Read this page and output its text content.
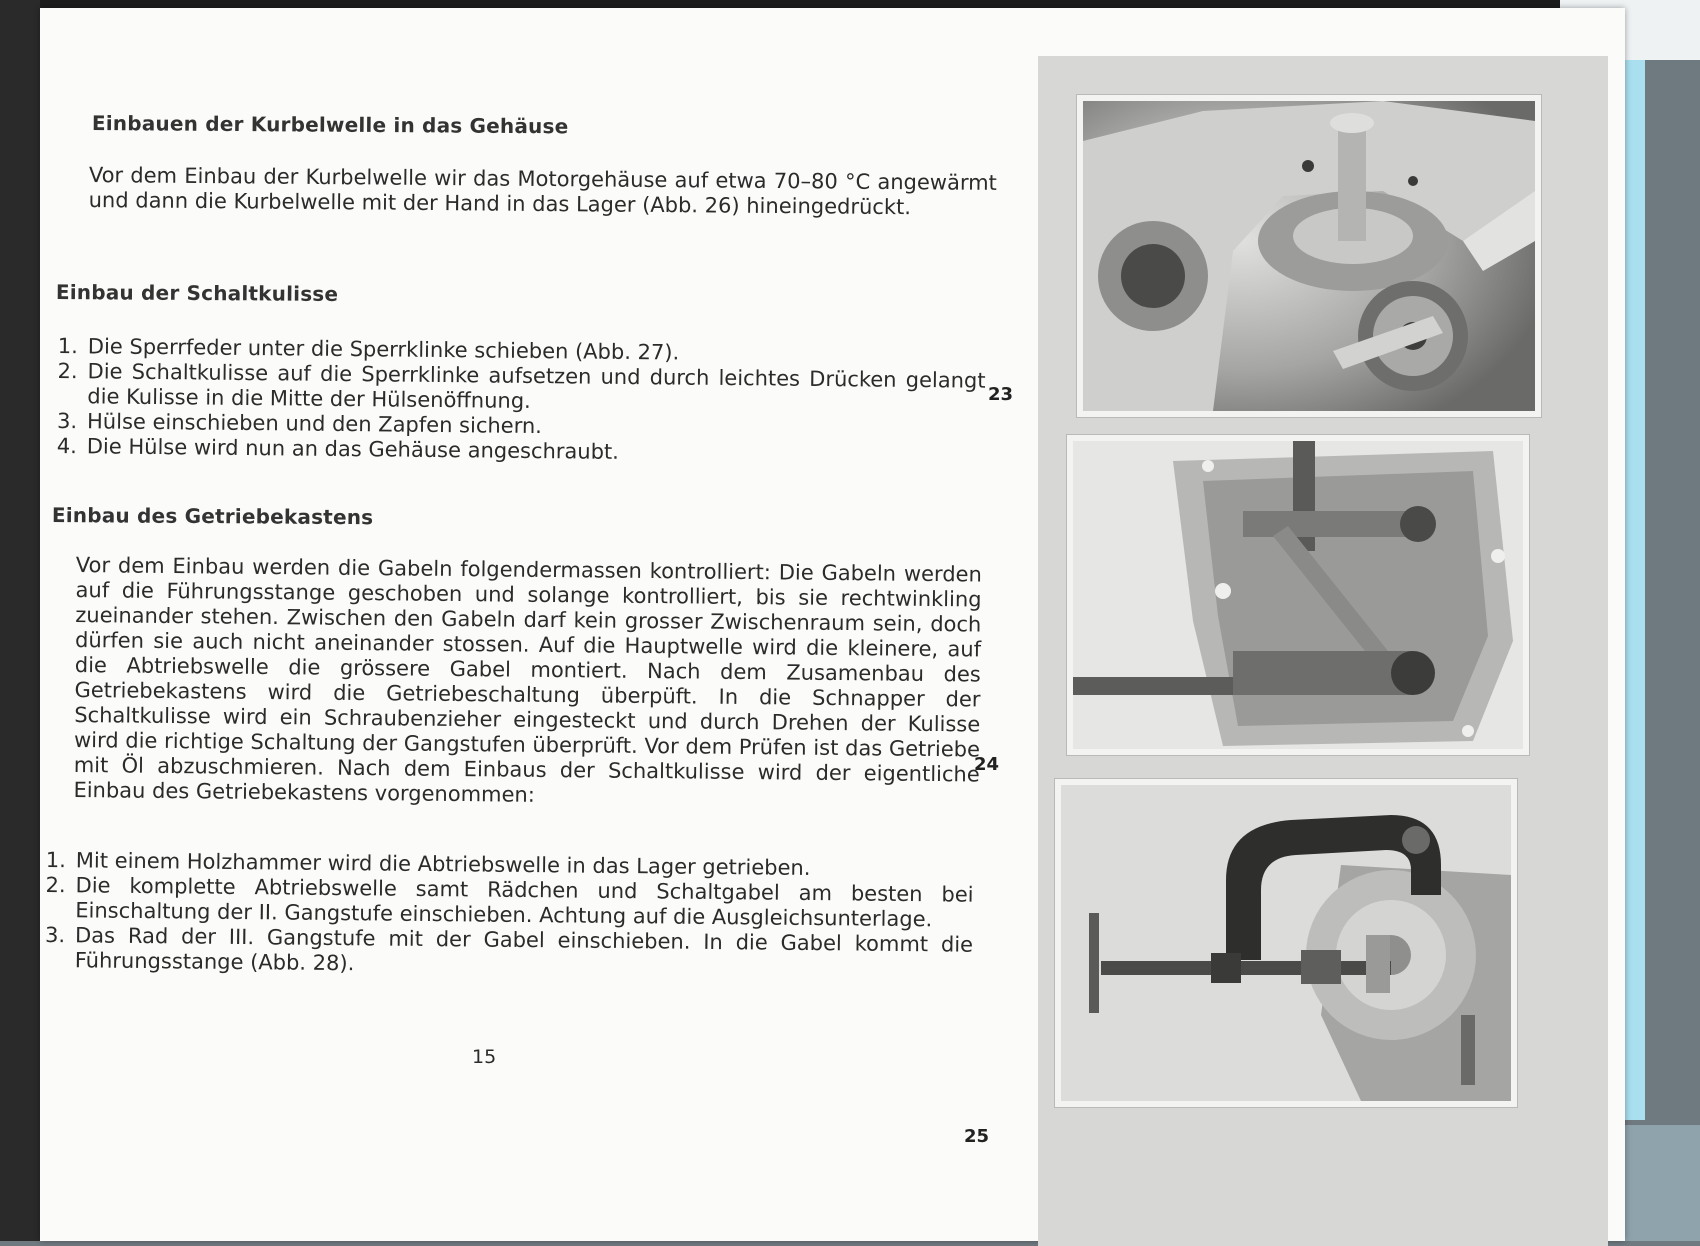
Einbauen der Kurbelwelle in das Gehäuse

Vor dem Einbau der Kurbelwelle wir das Motorgehäuse auf etwa 70–80 °C angewärmt und dann die Kurbelwelle mit der Hand in das Lager (Abb. 26) hineingedrückt.

Einbau der Schaltkulisse
1. Die Sperrfeder unter die Sperrklinke schieben (Abb. 27).
2. Die Schaltkulisse auf die Sperrklinke aufsetzen und durch leichtes Drücken gelangt die Kulisse in die Mitte der Hülsenöffnung.
3. Hülse einschieben und den Zapfen sichern.
4. Die Hülse wird nun an das Gehäuse angeschraubt.
Einbau des Getriebekastens

Vor dem Einbau werden die Gabeln folgendermassen kontrolliert: Die Gabeln werden auf die Führungsstange geschoben und solange kontrolliert, bis sie rechtwinkling zueinander stehen. Zwischen den Gabeln darf kein grosser Zwischenraum sein, doch dürfen sie auch nicht aneinander stossen. Auf die Hauptwelle wird die kleinere, auf die Abtriebswelle die grössere Gabel montiert. Nach dem Zusamenbau des Getriebekastens wird die Getriebeschaltung überpüft. In die Schnapper der Schaltkulisse wird ein Schraubenzieher eingesteckt und durch Drehen der Kulisse wird die richtige Schaltung der Gangstufen überprüft. Vor dem Prüfen ist das Getriebe mit Öl abzuschmieren. Nach dem Einbaus der Schaltkulisse wird der eigentliche Einbau des Getriebekastens vorgenommen:

1. Mit einem Holzhammer wird die Abtriebswelle in das Lager getrieben.
2. Die komplette Abtriebswelle samt Rädchen und Schaltgabel am besten bei Einschaltung der II. Gangstufe einschieben. Achtung auf die Ausgleichsunterlage.
3. Das Rad der III. Gangstufe mit der Gabel einschieben. In die Gabel kommt die Führungsstange (Abb. 28).
15
23
24
25
